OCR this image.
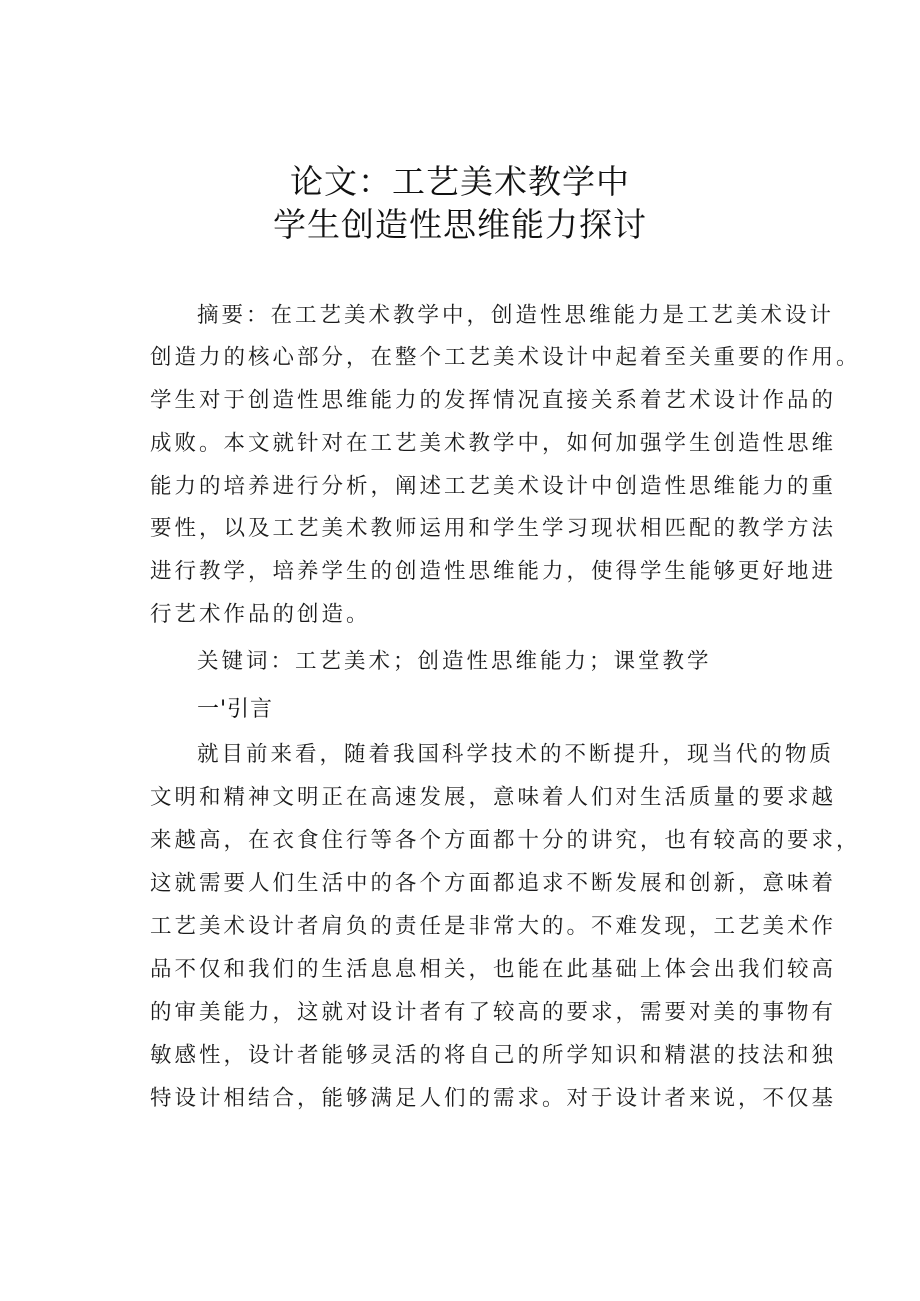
论文：工艺美术教学中
学生创造性思维能力探讨
摘要：在工艺美术教学中，创造性思维能力是工艺美术设计
创造力的核心部分，在整个工艺美术设计中起着至关重要的作用。
学生对于创造性思维能力的发挥情况直接关系着艺术设计作品的
成败。本文就针对在工艺美术教学中，如何加强学生创造性思维
能力的培养进行分析，阐述工艺美术设计中创造性思维能力的重
要性，以及工艺美术教师运用和学生学习现状相匹配的教学方法
进行教学，培养学生的创造性思维能力，使得学生能够更好地进
行艺术作品的创造。
关键词：工艺美术；创造性思维能力；课堂教学
一'引言
就目前来看，随着我国科学技术的不断提升，现当代的物质
文明和精神文明正在高速发展，意味着人们对生活质量的要求越
来越高，在衣食住行等各个方面都十分的讲究，也有较高的要求，
这就需要人们生活中的各个方面都追求不断发展和创新，意味着
工艺美术设计者肩负的责任是非常大的。不难发现，工艺美术作
品不仅和我们的生活息息相关，也能在此基础上体会出我们较高
的审美能力，这就对设计者有了较高的要求，需要对美的事物有
敏感性，设计者能够灵活的将自己的所学知识和精湛的技法和独
特设计相结合，能够满足人们的需求。对于设计者来说，不仅基
